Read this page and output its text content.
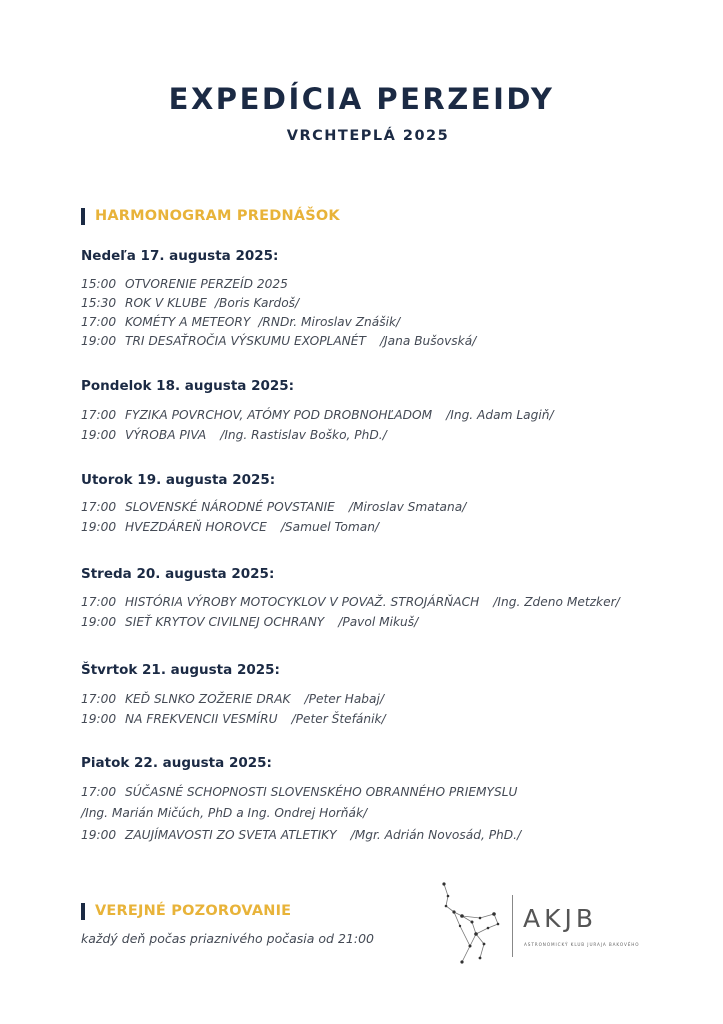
EXPEDÍCIA PERZEIDY
VRCHTEPLÁ 2025
HARMONOGRAM PREDNÁŠOK
Nedeľa 17. augusta 2025:
15:00 OTVORENIE PERZEÍD 2025
15:30 ROK V KLUBE /Boris Kardoš/
17:00 KOMÉTY A METEORY /RNDr. Miroslav Znášik/
19:00 TRI DESAŤROČIA VÝSKUMU EXOPLANÉT /Jana Bušovská/
Pondelok 18. augusta 2025:
17:00 FYZIKA POVRCHOV, ATÓMY POD DROBNOHĽADOM /Ing. Adam Lagiň/
19:00 VÝROBA PIVA /Ing. Rastislav Boško, PhD./
Utorok 19. augusta 2025:
17:00 SLOVENSKÉ NÁRODNÉ POVSTANIE /Miroslav Smatana/
19:00 HVEZDÁREŇ HOROVCE /Samuel Toman/
Streda 20. augusta 2025:
17:00 HISTÓRIA VÝROBY MOTOCYKLOV V POVAŽ. STROJÁRŇACH /Ing. Zdeno Metzker/
19:00 SIEŤ KRYTOV CIVILNEJ OCHRANY /Pavol Mikuš/
Štvrtok 21. augusta 2025:
17:00 KEĎ SLNKO ZOŽERIE DRAK /Peter Habaj/
19:00 NA FREKVENCII VESMÍRU /Peter Štefánik/
Piatok 22. augusta 2025:
17:00 SÚČASNÉ SCHOPNOSTI SLOVENSKÉHO OBRANNÉHO PRIEMYSLU
/Ing. Marián Mičúch, PhD a Ing. Ondrej Horňák/
19:00 ZAUJÍMAVOSTI ZO SVETA ATLETIKY /Mgr. Adrián Novosád, PhD./
VEREJNÉ POZOROVANIE
každý deň počas priaznivého počasia od 21:00
AKJB
ASTRONOMICKÝ KLUB JURAJA BAKOVÉHO
